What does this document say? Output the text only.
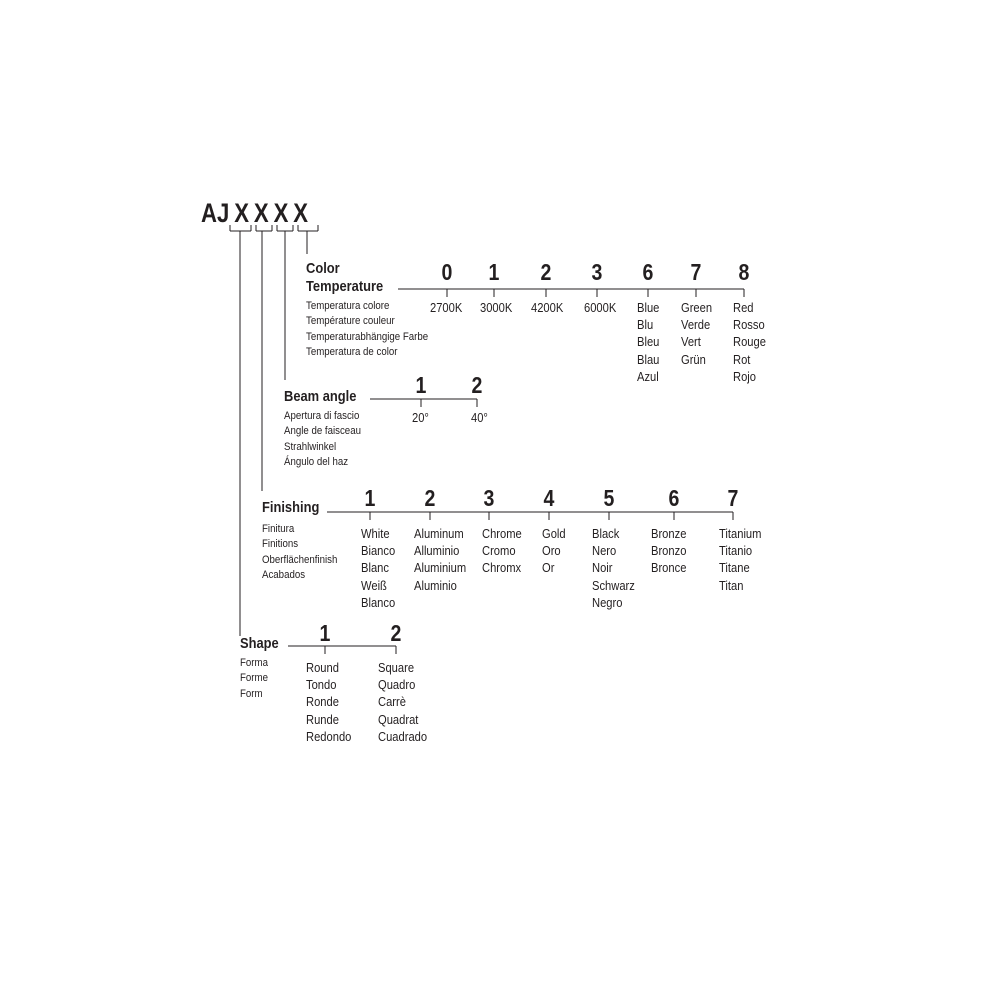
AJ X X X X
Color
Temperature
Temperatura colore
Température couleur
Temperaturabhängige Farbe
Temperatura de color
Beam angle
Apertura di fascio
Angle de faisceau
Strahlwinkel
Ángulo del haz
Finishing
Finitura
Finitions
Oberflächenfinish
Acabados
Shape
Forma
Forme
Form
0
2700K
1
3000K
2
4200K
3
6000K
6
Blue
Blu
Bleu
Blau
Azul
7
Green
Verde
Vert
Grün
8
Red
Rosso
Rouge
Rot
Rojo
1
20°
2
40°
1
White
Bianco
Blanc
Weiß
Blanco
2
Aluminum
Alluminio
Aluminium
Aluminio
3
Chrome
Cromo
Chromx
4
Gold
Oro
Or
5
Black
Nero
Noir
Schwarz
Negro
6
Bronze
Bronzo
Bronce
7
Titanium
Titanio
Titane
Titan
1
Round
Tondo
Ronde
Runde
Redondo
2
Square
Quadro
Carrè
Quadrat
Cuadrado
